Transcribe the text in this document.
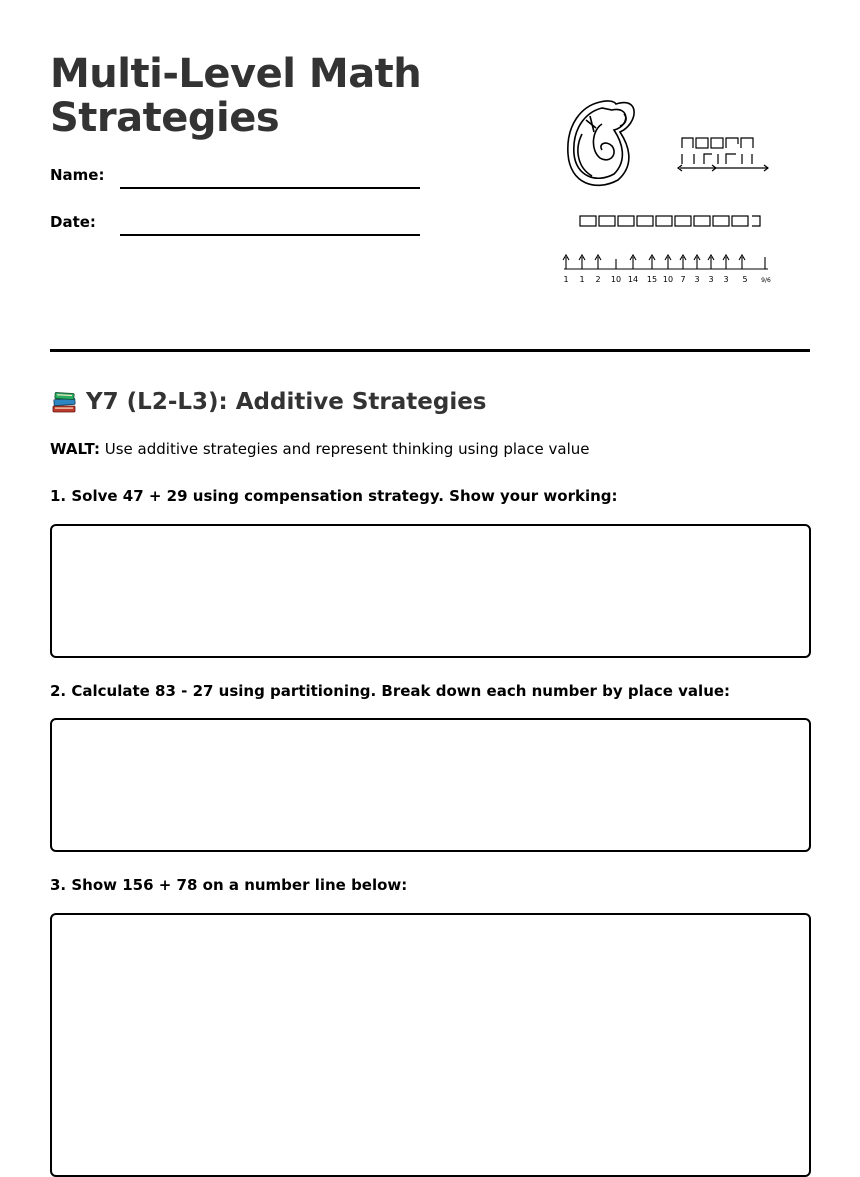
Multi-Level Math Strategies
Name:
Date:
1 1 2 10 14 15 10 7 3 3 3 5 9/6
Y7 (L2-L3): Additive Strategies
WALT: Use additive strategies and represent thinking using place value
1. Solve 47 + 29 using compensation strategy. Show your working:
2. Calculate 83 - 27 using partitioning. Break down each number by place value:
3. Show 156 + 78 on a number line below:
